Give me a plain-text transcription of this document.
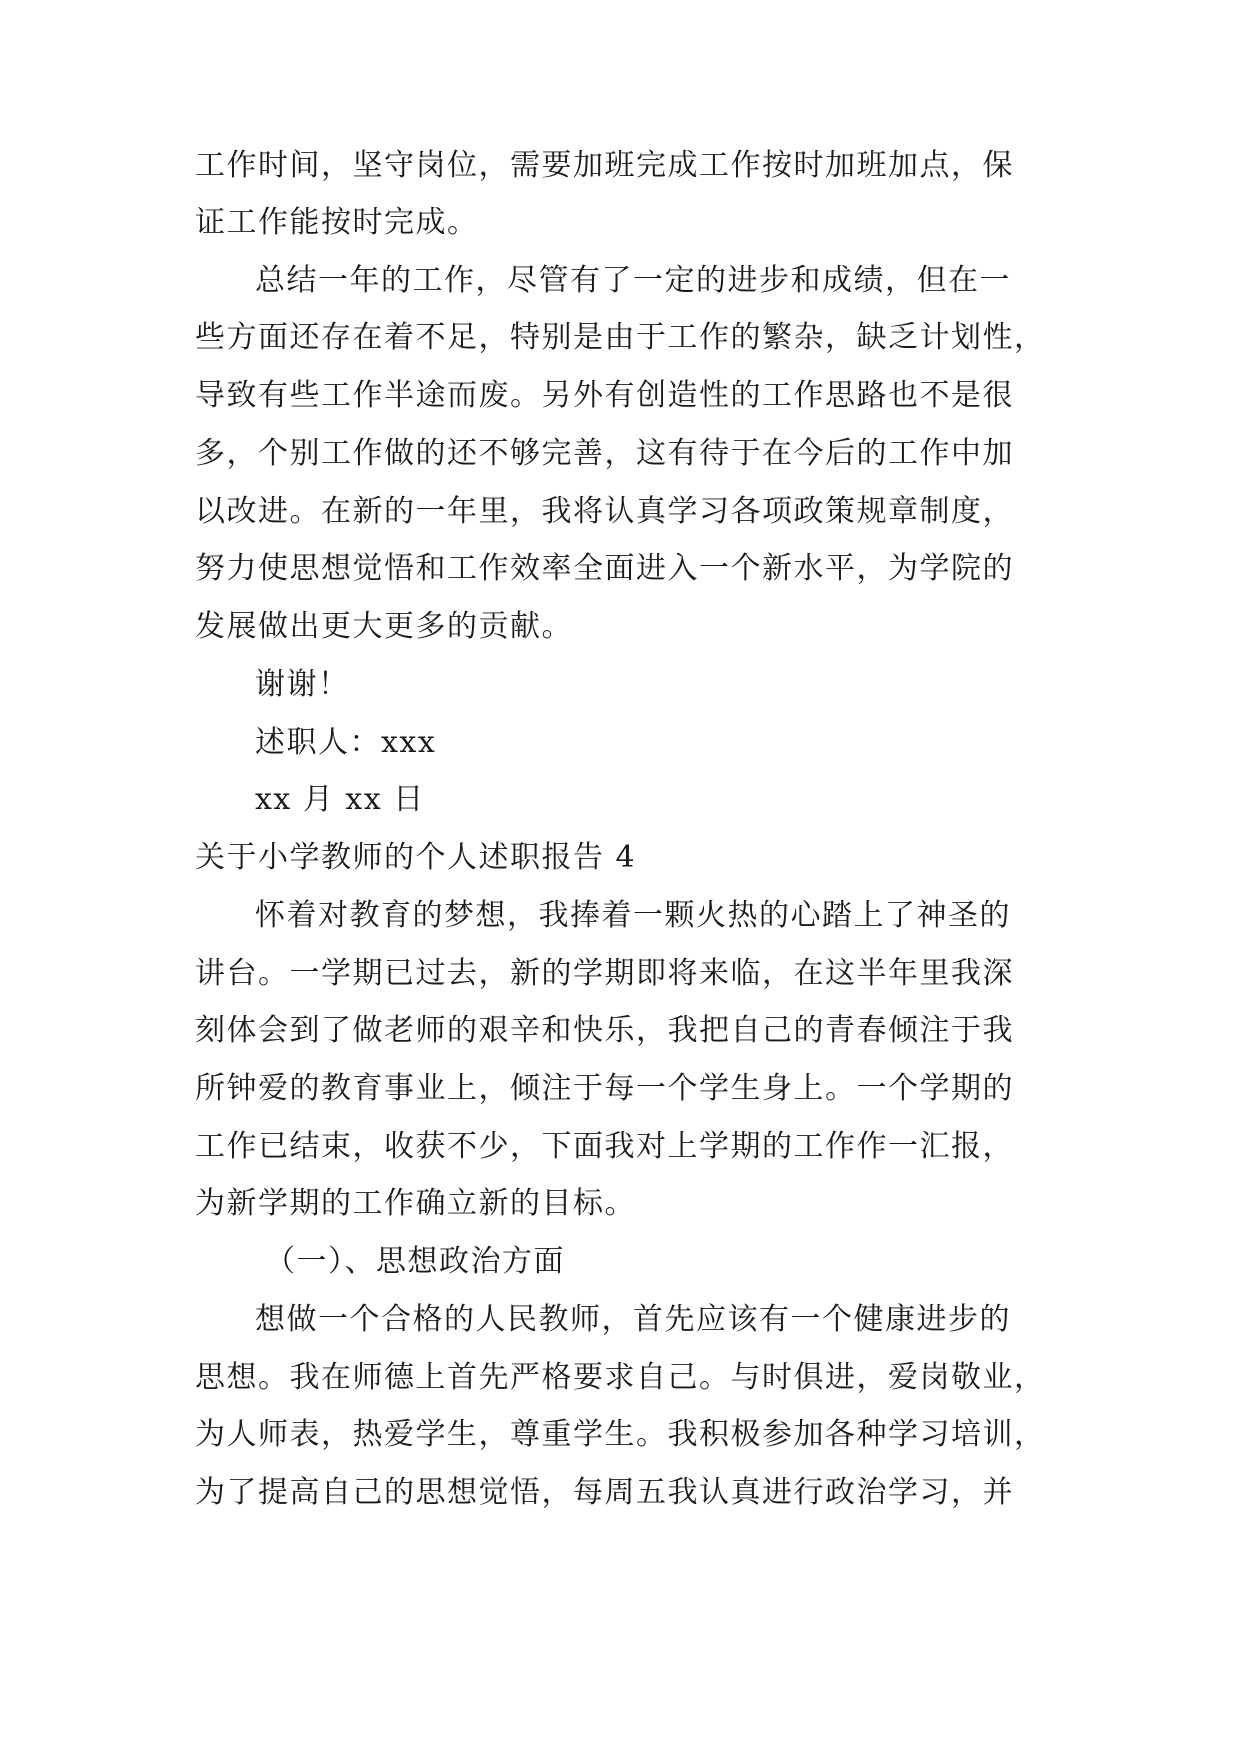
工作时间，坚守岗位，需要加班完成工作按时加班加点，保
证工作能按时完成。
总结一年的工作，尽管有了一定的进步和成绩，但在一
些方面还存在着不足，特别是由于工作的繁杂，缺乏计划性，
导致有些工作半途而废。另外有创造性的工作思路也不是很
多，个别工作做的还不够完善，这有待于在今后的工作中加
以改进。在新的一年里，我将认真学习各项政策规章制度，
努力使思想觉悟和工作效率全面进入一个新水平，为学院的
发展做出更大更多的贡献。
谢谢！
述职人：xxx
xx 月 xx 日
关于小学教师的个人述职报告 4
怀着对教育的梦想，我捧着一颗火热的心踏上了神圣的
讲台。一学期已过去，新的学期即将来临，在这半年里我深
刻体会到了做老师的艰辛和快乐，我把自己的青春倾注于我
所钟爱的教育事业上，倾注于每一个学生身上。一个学期的
工作已结束，收获不少，下面我对上学期的工作作一汇报，
为新学期的工作确立新的目标。
（一）、思想政治方面
想做一个合格的人民教师，首先应该有一个健康进步的
思想。我在师德上首先严格要求自己。与时俱进，爱岗敬业，
为人师表，热爱学生，尊重学生。我积极参加各种学习培训，
为了提高自己的思想觉悟，每周五我认真进行政治学习，并
